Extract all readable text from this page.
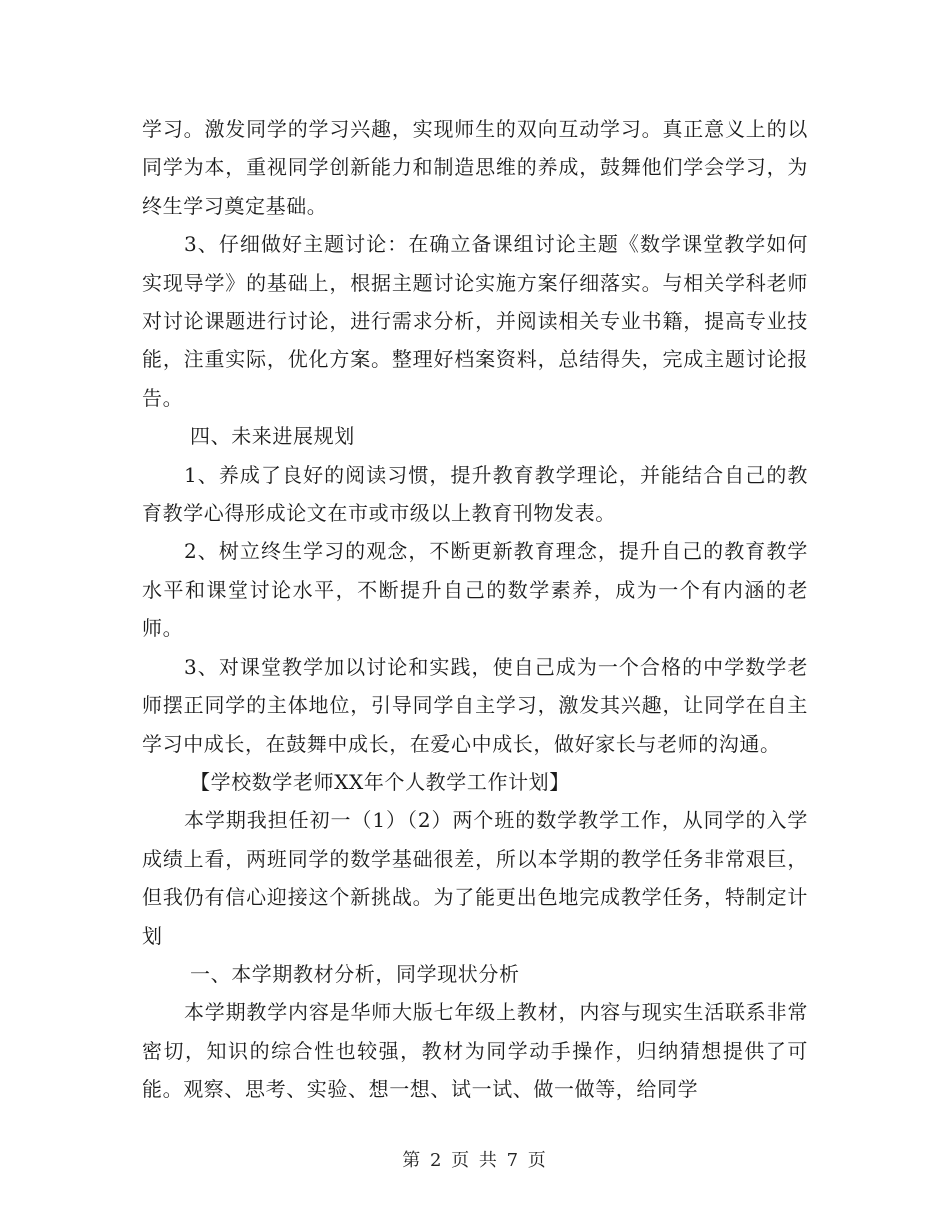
学习。激发同学的学习兴趣，实现师生的双向互动学习。真正意义上的以同学为本，重视同学创新能力和制造思维的养成，鼓舞他们学会学习，为终生学习奠定基础。

3、仔细做好主题讨论：在确立备课组讨论主题《数学课堂教学如何实现导学》的基础上，根据主题讨论实施方案仔细落实。与相关学科老师对讨论课题进行讨论，进行需求分析，并阅读相关专业书籍，提高专业技能，注重实际，优化方案。整理好档案资料，总结得失，完成主题讨论报告。

四、未来进展规划

1、养成了良好的阅读习惯，提升教育教学理论，并能结合自己的教育教学心得形成论文在市或市级以上教育刊物发表。

2、树立终生学习的观念，不断更新教育理念，提升自己的教育教学水平和课堂讨论水平，不断提升自己的数学素养，成为一个有内涵的老师。

3、对课堂教学加以讨论和实践，使自己成为一个合格的中学数学老师摆正同学的主体地位，引导同学自主学习，激发其兴趣，让同学在自主学习中成长，在鼓舞中成长，在爱心中成长，做好家长与老师的沟通。

【学校数学老师XX年个人教学工作计划】

本学期我担任初一（1）（2）两个班的数学教学工作，从同学的入学成绩上看，两班同学的数学基础很差，所以本学期的教学任务非常艰巨，但我仍有信心迎接这个新挑战。为了能更出色地完成教学任务，特制定计划

一、本学期教材分析，同学现状分析

本学期教学内容是华师大版七年级上教材，内容与现实生活联系非常密切，知识的综合性也较强，教材为同学动手操作，归纳猜想提供了可能。观察、思考、实验、想一想、试一试、做一做等，给同学

第 2 页 共 7 页
